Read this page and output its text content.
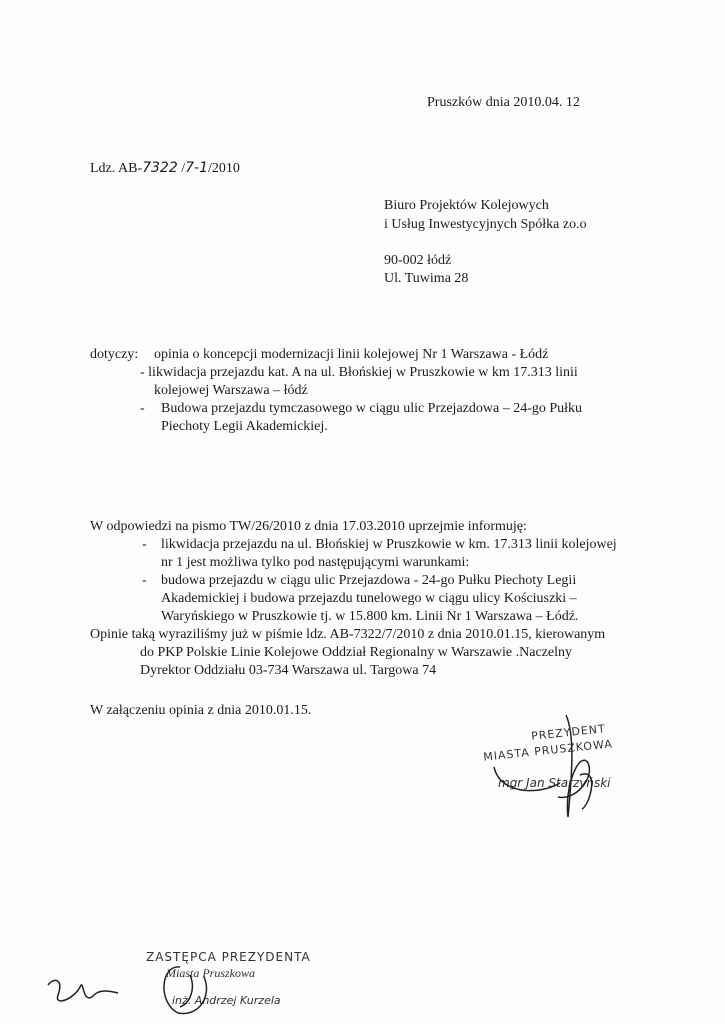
Pruszków dnia 2010.04. 12
Ldz. AB-7322 /7-1/2010
Biuro Projektów Kolejowych
i Usług Inwestycyjnych Spółka zo.o
90-002 łódź
Ul. Tuwima 28
dotyczy: opinia o koncepcji modernizacji linii kolejowej Nr 1 Warszawa - Łódź
- likwidacja przejazdu kat. A na ul. Błońskiej w Pruszkowie w km 17.313 linii
kolejowej Warszawa – łódź
- Budowa przejazdu tymczasowego w ciągu ulic Przejazdowa – 24-go Pułku
Piechoty Legii Akademickiej.
W odpowiedzi na pismo TW/26/2010 z dnia 17.03.2010 uprzejmie informuję:
- likwidacja przejazdu na ul. Błońskiej w Pruszkowie w km. 17.313 linii kolejowej
nr 1 jest możliwa tylko pod następującymi warunkami:
- budowa przejazdu w ciągu ulic Przejazdowa - 24-go Pułku Piechoty Legii
Akademickiej i budowa przejazdu tunelowego w ciągu ulicy Kościuszki –
Waryńskiego w Pruszkowie tj. w 15.800 km. Linii Nr 1 Warszawa – Łódź.
Opinie taką wyraziliśmy już w piśmie ldz. AB-7322/7/2010 z dnia 2010.01.15, kierowanym
do PKP Polskie Linie Kolejowe Oddział Regionalny w Warszawie .Naczelny
Dyrektor Oddziału 03-734 Warszawa ul. Targowa 74
W załączeniu opinia z dnia 2010.01.15.
PREZYDENT
MIASTA PRUSZKOWA
mgr Jan Starzyński
ZASTĘPCA PREZYDENTA
Miasta Pruszkowa
inż. Andrzej Kurzela
